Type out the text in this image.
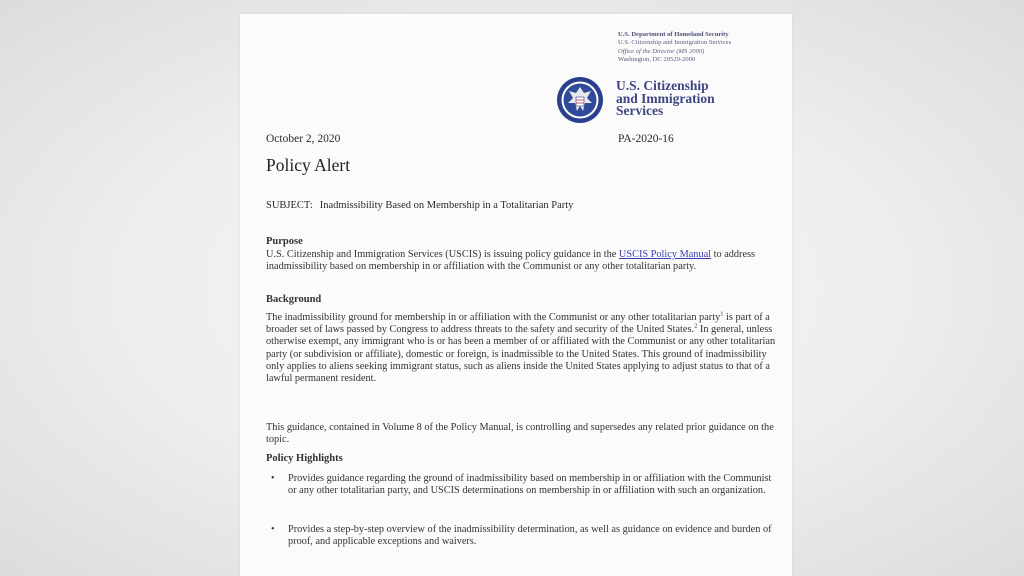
U.S. Department of Homeland Security
U.S. Citizenship and Immigration Services
Office of the Director (MS 2000)
Washington, DC 20529-2000
U.S. Citizenship
and Immigration
Services
October 2, 2020	PA-2020-16
Policy Alert
SUBJECT: Inadmissibility Based on Membership in a Totalitarian Party
Purpose
U.S. Citizenship and Immigration Services (USCIS) is issuing policy guidance in the USCIS Policy Manual to address inadmissibility based on membership in or affiliation with the Communist or any other totalitarian party.
Background
The inadmissibility ground for membership in or affiliation with the Communist or any other totalitarian party$^1$ is part of a broader set of laws passed by Congress to address threats to the safety and security of the United States.$^2$ In general, unless otherwise exempt, any immigrant who is or has been a member of or affiliated with the Communist or any other totalitarian party (or subdivision or affiliate), domestic or foreign, is inadmissible to the United States. This ground of inadmissibility only applies to aliens seeking immigrant status, such as aliens inside the United States applying to adjust status to that of a lawful permanent resident.
This guidance, contained in Volume 8 of the Policy Manual, is controlling and supersedes any related prior guidance on the topic.
Policy Highlights
• Provides guidance regarding the ground of inadmissibility based on membership in or affiliation with the Communist or any other totalitarian party, and USCIS determinations on membership in or affiliation with such an organization.
• Provides a step-by-step overview of the inadmissibility determination, as well as guidance on evidence and burden of proof, and applicable exceptions and waivers.
